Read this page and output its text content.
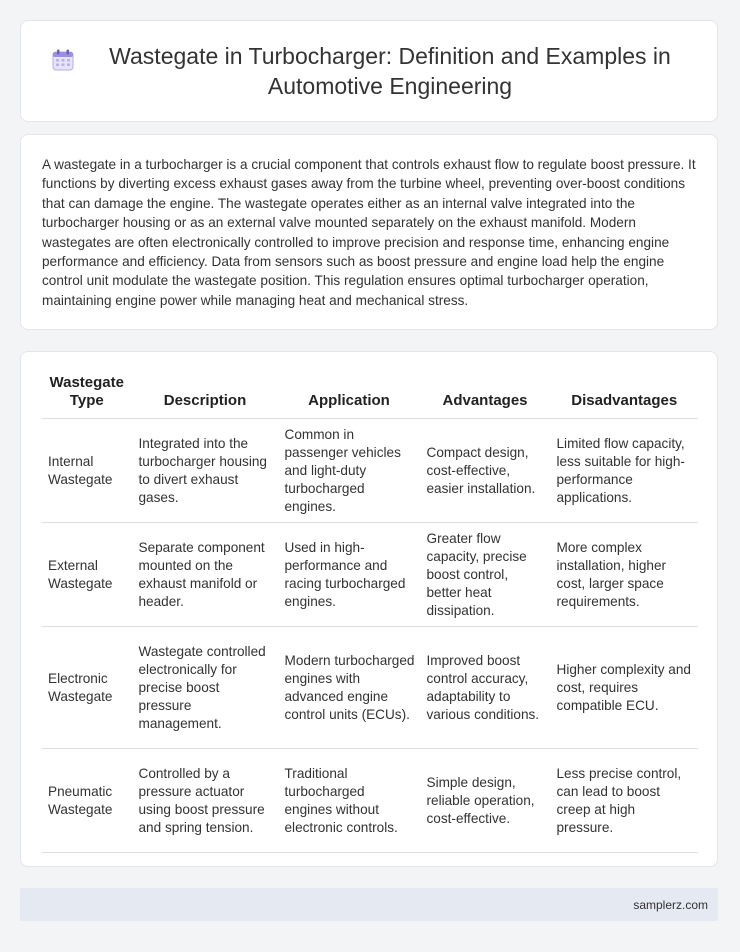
Wastegate in Turbocharger: Definition and Examples in Automotive Engineering

A wastegate in a turbocharger is a crucial component that controls exhaust flow to regulate boost pressure. It functions by diverting excess exhaust gases away from the turbine wheel, preventing over-boost conditions that can damage the engine. The wastegate operates either as an internal valve integrated into the turbocharger housing or as an external valve mounted separately on the exhaust manifold. Modern wastegates are often electronically controlled to improve precision and response time, enhancing engine performance and efficiency. Data from sensors such as boost pressure and engine load help the engine control unit modulate the wastegate position. This regulation ensures optimal turbocharger operation, maintaining engine power while managing heat and mechanical stress.

Wastegate Type	Description	Application	Advantages	Disadvantages
Internal Wastegate	Integrated into the turbocharger housing to divert exhaust gases.	Common in passenger vehicles and light-duty turbocharged engines.	Compact design, cost-effective, easier installation.	Limited flow capacity, less suitable for high-performance applications.
External Wastegate	Separate component mounted on the exhaust manifold or header.	Used in high-performance and racing turbocharged engines.	Greater flow capacity, precise boost control, better heat dissipation.	More complex installation, higher cost, larger space requirements.
Electronic Wastegate	Wastegate controlled electronically for precise boost pressure management.	Modern turbocharged engines with advanced engine control units (ECUs).	Improved boost control accuracy, adaptability to various conditions.	Higher complexity and cost, requires compatible ECU.
Pneumatic Wastegate	Controlled by a pressure actuator using boost pressure and spring tension.	Traditional turbocharged engines without electronic controls.	Simple design, reliable operation, cost-effective.	Less precise control, can lead to boost creep at high pressure.
samplerz.com
